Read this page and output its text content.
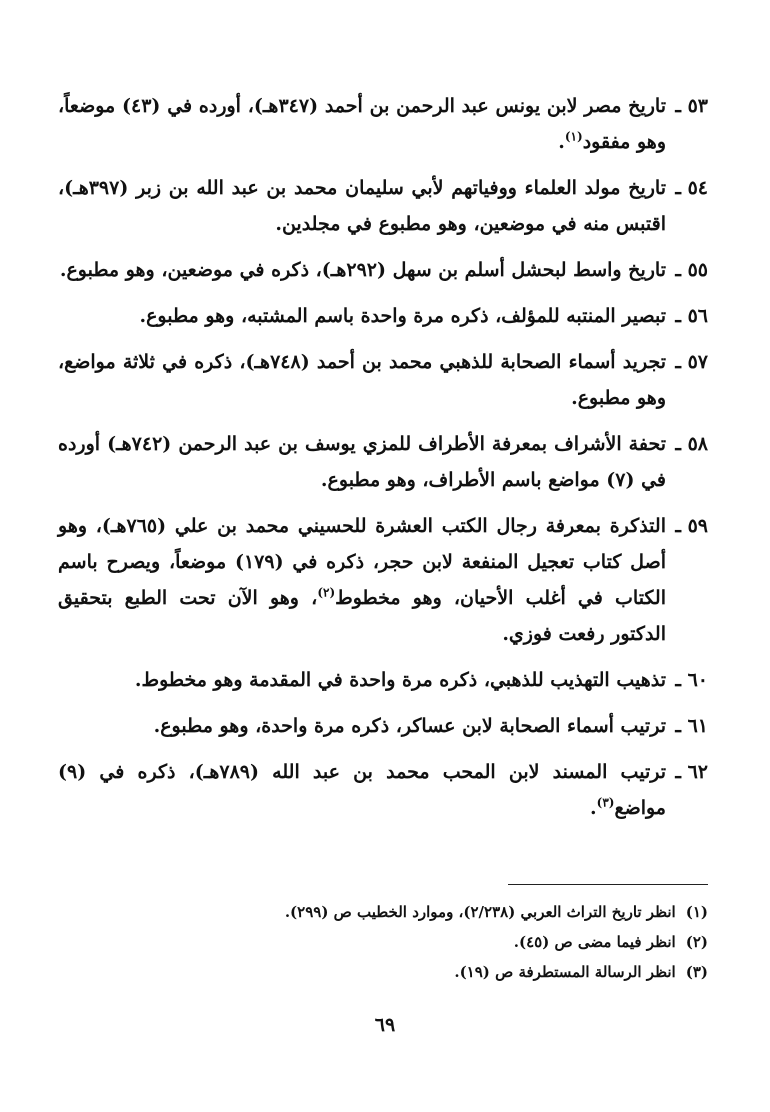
٥٣ ـ
تاريخ مصر لابن يونس عبد الرحمن بن أحمد (٣٤٧هـ)، أورده في (٤٣) موضعاً، وهو مفقود$^{(١)}$.
٥٤ ـ
تاريخ مولد العلماء ووفياتهم لأبي سليمان محمد بن عبد الله بن زبر (٣٩٧هـ)، اقتبس منه في موضعين، وهو مطبوع في مجلدين.
٥٥ ـ
تاريخ واسط لبحشل أسلم بن سهل (٢٩٢هـ)، ذكره في موضعين، وهو مطبوع.
٥٦ ـ
تبصير المنتبه للمؤلف، ذكره مرة واحدة باسم المشتبه، وهو مطبوع.
٥٧ ـ
تجريد أسماء الصحابة للذهبي محمد بن أحمد (٧٤٨هـ)، ذكره في ثلاثة مواضع، وهو مطبوع.
٥٨ ـ
تحفة الأشراف بمعرفة الأطراف للمزي يوسف بن عبد الرحمن (٧٤٢هـ) أورده في (٧) مواضع باسم الأطراف، وهو مطبوع.
٥٩ ـ
التذكرة بمعرفة رجال الكتب العشرة للحسيني محمد بن علي (٧٦٥هـ)، وهو أصل كتاب تعجيل المنفعة لابن حجر، ذكره في (١٧٩) موضعاً، ويصرح باسم الكتاب في أغلب الأحيان، وهو مخطوط$^{(٢)}$، وهو الآن تحت الطبع بتحقيق الدكتور رفعت فوزي.
٦٠ ـ
تذهيب التهذيب للذهبي، ذكره مرة واحدة في المقدمة وهو مخطوط.
٦١ ـ
ترتيب أسماء الصحابة لابن عساكر، ذكره مرة واحدة، وهو مطبوع.
٦٢ ـ
ترتيب المسند لابن المحب محمد بن عبد الله (٧٨٩هـ)، ذكره في (٩) مواضع$^{(٣)}$.
(١)
انظر تاريخ التراث العربي (٢/٢٣٨)، وموارد الخطيب ص (٢٩٩).
(٢)
انظر فيما مضى ص (٤٥).
(٣)
انظر الرسالة المستطرفة ص (١٩).
٦٩
